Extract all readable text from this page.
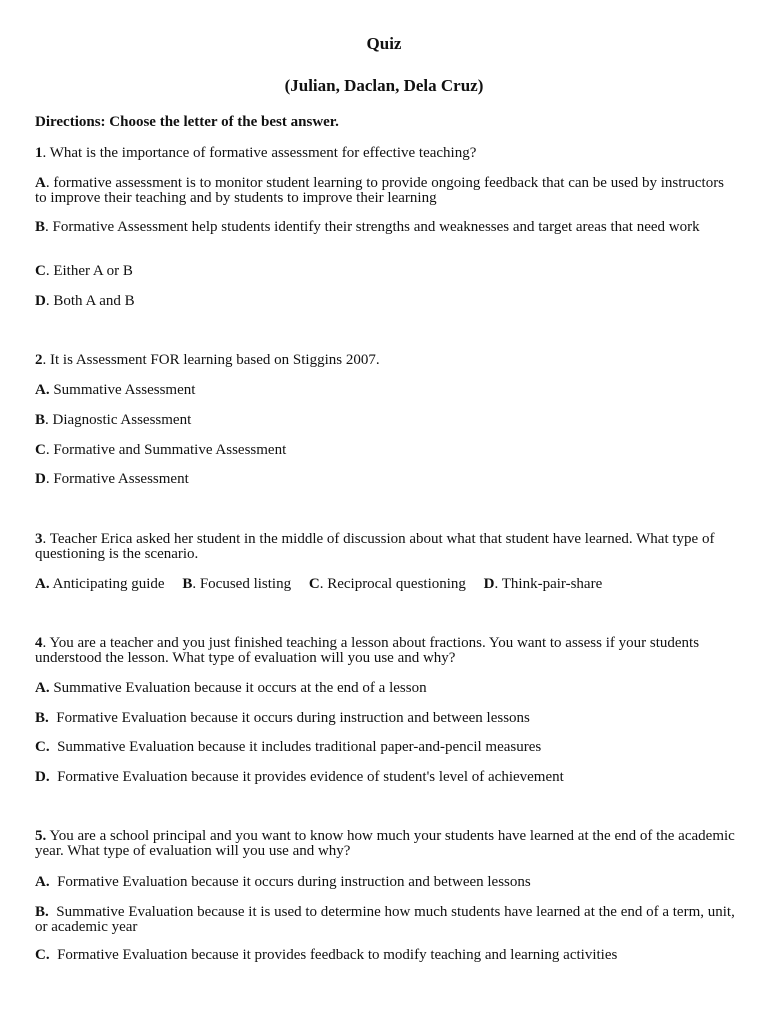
Quiz
(Julian, Daclan, Dela Cruz)
Directions: Choose the letter of the best answer.
1. What is the importance of formative assessment for effective teaching?
A. formative assessment is to monitor student learning to provide ongoing feedback that can be used by instructors to improve their teaching and by students to improve their learning
B. Formative Assessment help students identify their strengths and weaknesses and target areas that need work
C. Either A or B
D. Both A and B
2. It is Assessment FOR learning based on Stiggins 2007.
A. Summative Assessment
B. Diagnostic Assessment
C. Formative and Summative Assessment
D. Formative Assessment
3. Teacher Erica asked her student in the middle of discussion about what that student have learned. What type of questioning is the scenario.
A. Anticipating guide B. Focused listing C. Reciprocal questioning D. Think-pair-share
4. You are a teacher and you just finished teaching a lesson about fractions. You want to assess if your students understood the lesson. What type of evaluation will you use and why?
A. Summative Evaluation because it occurs at the end of a lesson
B.  Formative Evaluation because it occurs during instruction and between lessons
C.  Summative Evaluation because it includes traditional paper-and-pencil measures
D.  Formative Evaluation because it provides evidence of student's level of achievement
5. You are a school principal and you want to know how much your students have learned at the end of the academic year. What type of evaluation will you use and why?
A.  Formative Evaluation because it occurs during instruction and between lessons
B.  Summative Evaluation because it is used to determine how much students have learned at the end of a term, unit, or academic year
C.  Formative Evaluation because it provides feedback to modify teaching and learning activities
